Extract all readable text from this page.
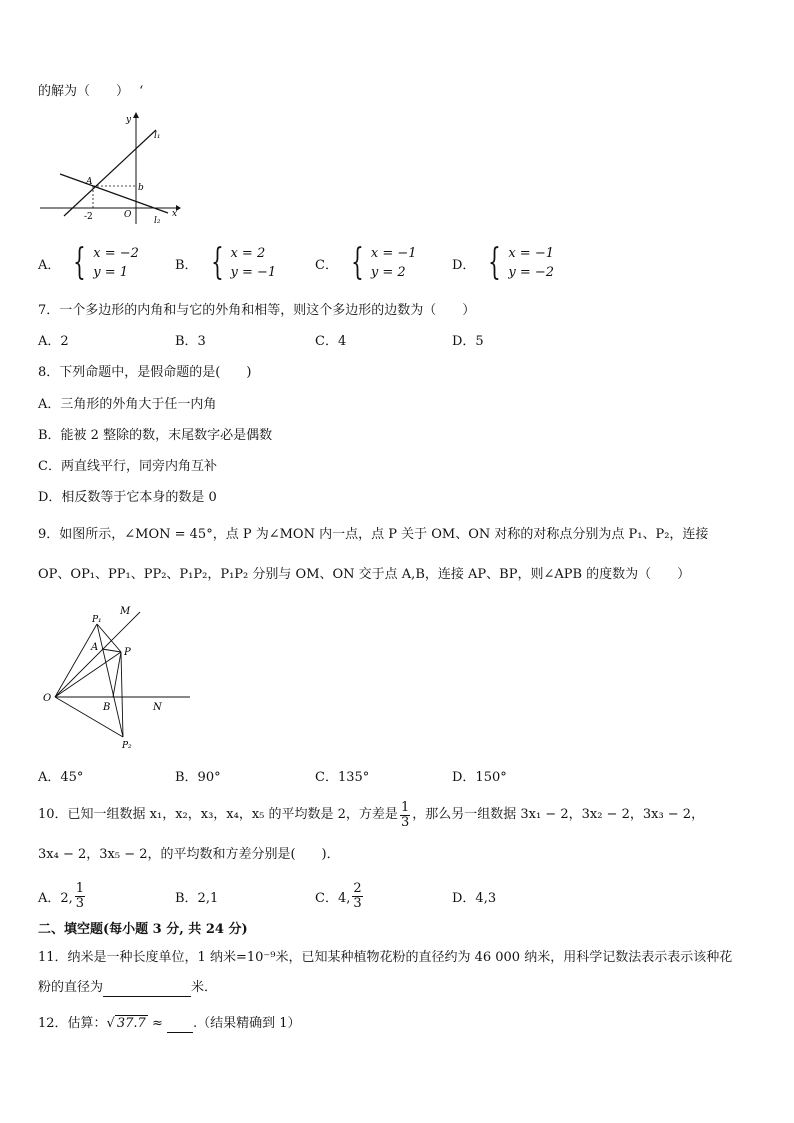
的解为（　　） ‘
y
x
l₁
l₂
A
b
-2	O
A． { x = −2
y = 1	B． { x = 2
y = −1	C． { x = −1
y = 2	D． { x = −1
y = −2
7．一个多边形的内角和与它的外角和相等，则这个多边形的边数为（　　）
A．2	B．3	C．4	D．5
8．下列命题中，是假命题的是(　　)
A．三角形的外角大于任一内角
B．能被 2 整除的数，末尾数字必是偶数
C．两直线平行，同旁内角互补
D．相反数等于它本身的数是 0
9．如图所示，∠MON = 45°，点 P 为∠MON 内一点，点 P 关于 OM、ON 对称的对称点分别为点 P₁、P₂，连接
OP、OP₁、PP₁、PP₂、P₁P₂，P₁P₂ 分别与 OM、ON 交于点 A,B，连接 AP、BP，则∠APB 的度数为（　　）
P₁
M
A	P
O
B	N
P₂
A．45°	B．90°	C．135°	D．150°
10．已知一组数据 x₁，x₂，x₃，x₄，x₅ 的平均数是 2，方差是 $\frac{1}{3}$ ，那么另一组数据 3x₁ − 2，3x₂ − 2，3x₃ − 2，
3x₄ − 2，3x₅ − 2，的平均数和方差分别是(　　)．
A．2, $\frac{1}{3}$	B．2,1	C．4, $\frac{2}{3}$	D．4,3
二、填空题(每小题 3 分, 共 24 分)
11．纳米是一种长度单位，1 纳米=10⁻⁹米，已知某种植物花粉的直径约为 46 000 纳米，用科学记数法表示表示该种花
粉的直径为	米．
12．估算：√ 37.7 ≈ .（结果精确到 1）
